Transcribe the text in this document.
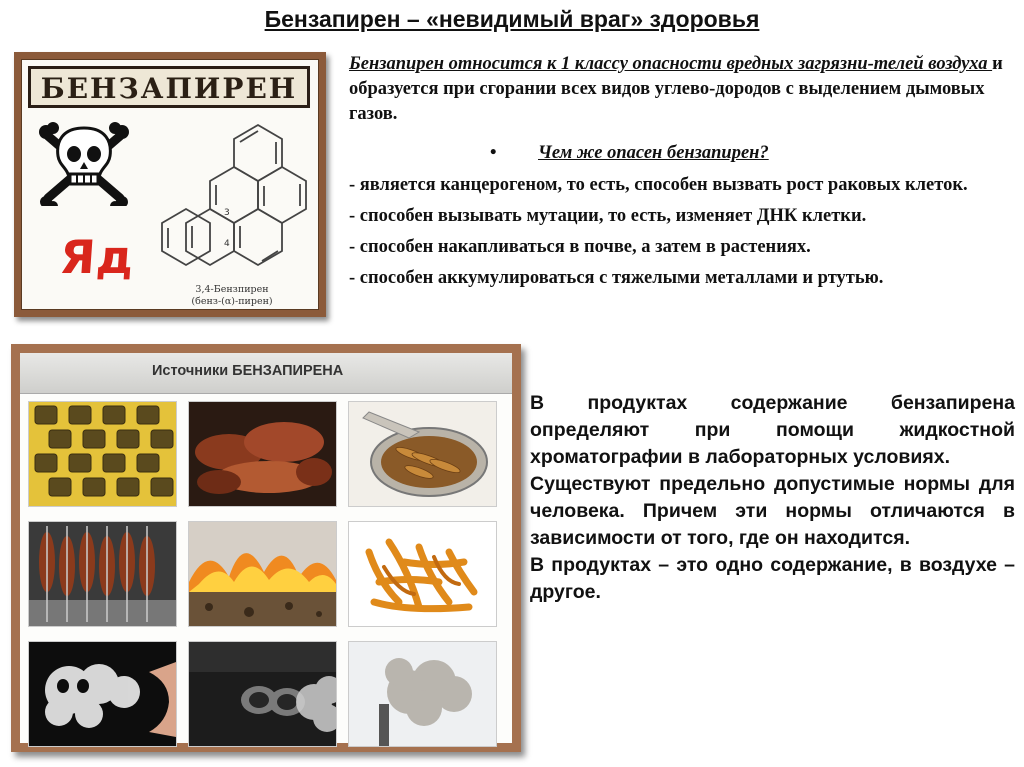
Бензапирен – «невидимый враг» здоровья
БЕНЗАПИРЕН
Яд
3
4
3,4-Бензпирен
(бенз-(α)-пирен)
Бензапирен относится к 1 классу опасности вредных загрязни-телей воздуха и образуется при сгорании всех видов углево-дородов с выделением дымовых газов.
• Чем же опасен бензапирен?

- является канцерогеном, то есть, способен вызвать рост раковых клеток.

- способен вызывать мутации, то есть, изменяет ДНК клетки.

- способен накапливаться в почве, а затем в растениях.

- способен аккумулироваться с тяжелыми металлами и ртутью.

Источники БЕНЗАПИРЕНА

В продуктах содержание бензапирена определяют при помощи жидкостной хроматографии в лабораторных условиях.

Существуют предельно допустимые нормы для человека. Причем эти нормы отличаются в зависимости от того, где он находится.

В продуктах – это одно содержание, в воздухе – другое.
